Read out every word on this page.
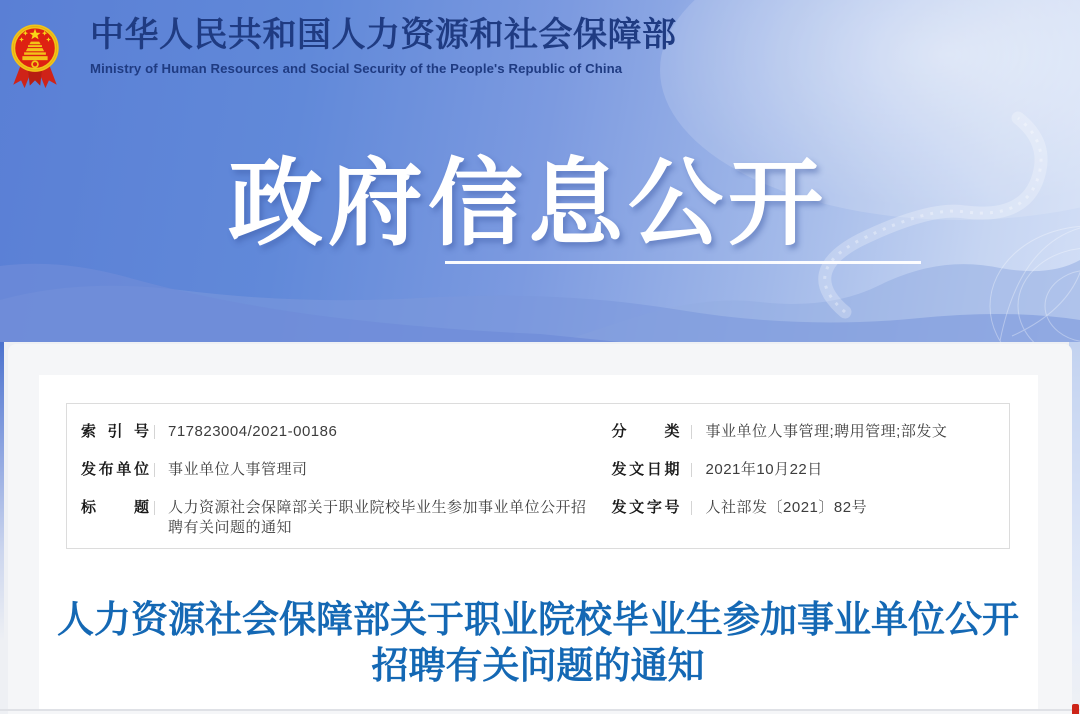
中华人民共和国人力资源和社会保障部
Ministry of Human Resources and Social Security of the People's Republic of China
政府信息公开
索引号 717823004/2021-00186
发布单位 事业单位人事管理司
标题 人力资源社会保障部关于职业院校毕业生参加事业单位公开招聘有关问题的通知
分类 事业单位人事管理;聘用管理;部发文
发文日期 2021年10月22日
发文字号 人社部发〔2021〕82号
人力资源社会保障部关于职业院校毕业生参加事业单位公开招聘有关问题的通知
